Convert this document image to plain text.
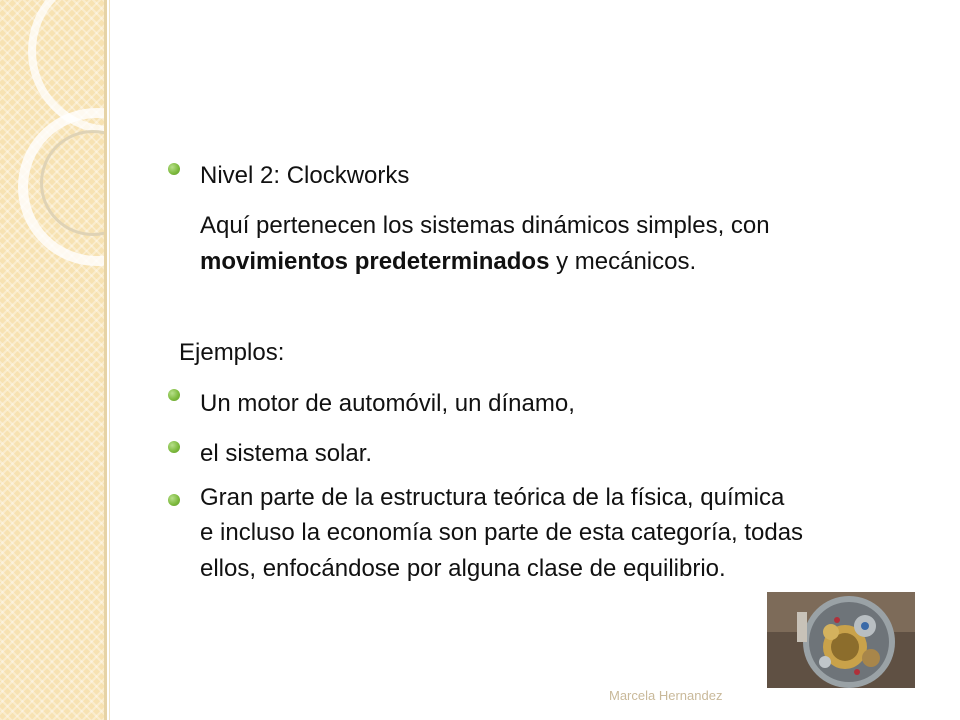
Nivel 2: Clockworks
Aquí pertenecen los sistemas dinámicos simples, con
movimientos predeterminados y mecánicos.
Ejemplos:
Un motor de automóvil, un dínamo,
el sistema solar.
Gran parte de la estructura teórica de la física, química
e incluso la economía son parte de esta categoría, todas
ellos, enfocándose por alguna clase de equilibrio.
Marcela Hernandez
